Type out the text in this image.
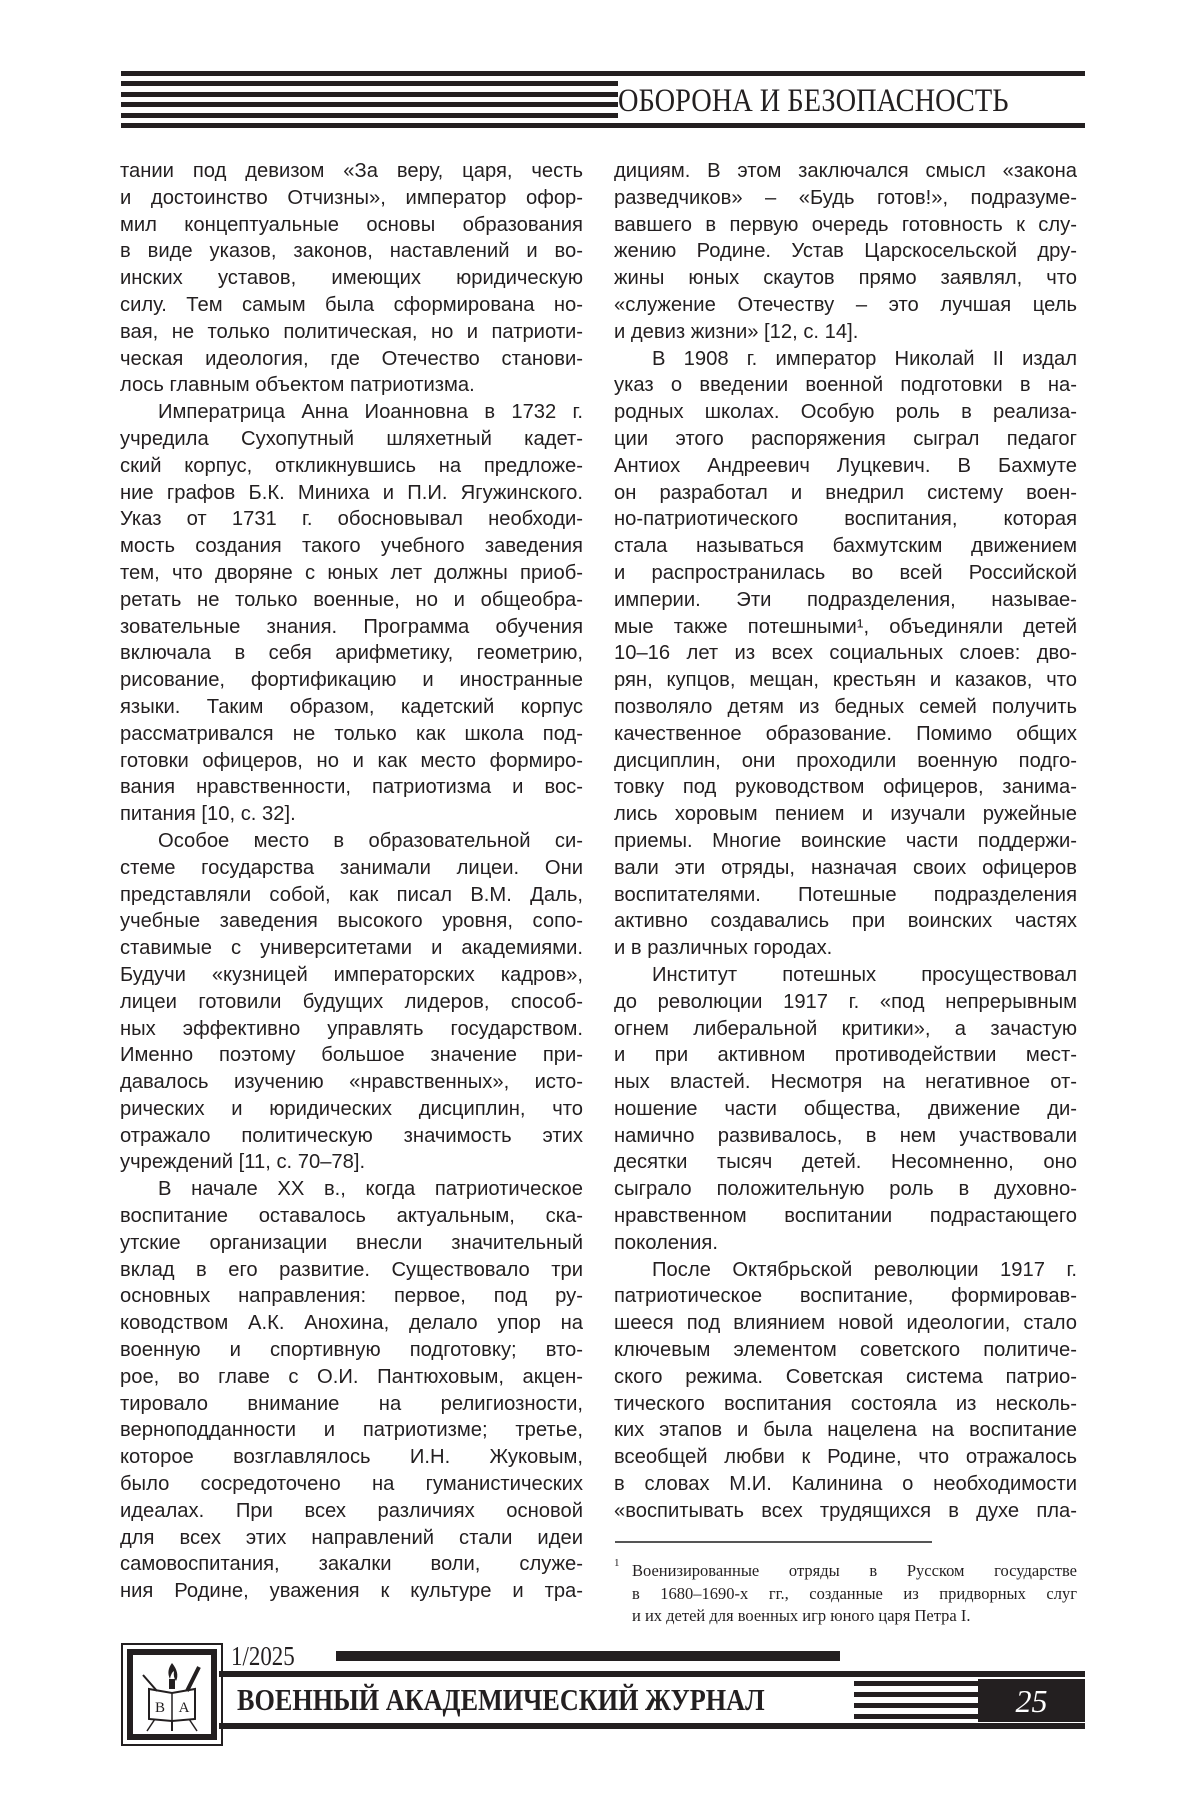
ОБОРОНА И БЕЗОПАСНОСТЬ
тании под девизом «За веру, царя, честь
и достоинство Отчизны», император офор-
мил концептуальные основы образования
в виде указов, законов, наставлений и во-
инских уставов, имеющих юридическую
силу. Тем самым была сформирована но-
вая, не только политическая, но и патриоти-
ческая идеология, где Отечество станови-
лось главным объектом патриотизма.
Императрица Анна Иоанновна в 1732 г.
учредила Сухопутный шляхетный кадет-
ский корпус, откликнувшись на предложе-
ние графов Б.К. Миниха и П.И. Ягужинского.
Указ от 1731 г. обосновывал необходи-
мость создания такого учебного заведения
тем, что дворяне с юных лет должны приоб-
ретать не только военные, но и общеобра-
зовательные знания. Программа обучения
включала в себя арифметику, геометрию,
рисование, фортификацию и иностранные
языки. Таким образом, кадетский корпус
рассматривался не только как школа под-
готовки офицеров, но и как место формиро-
вания нравственности, патриотизма и вос-
питания [10, с. 32].
Особое место в образовательной си-
стеме государства занимали лицеи. Они
представляли собой, как писал В.М. Даль,
учебные заведения высокого уровня, сопо-
ставимые с университетами и академиями.
Будучи «кузницей императорских кадров»,
лицеи готовили будущих лидеров, способ-
ных эффективно управлять государством.
Именно поэтому большое значение при-
давалось изучению «нравственных», исто-
рических и юридических дисциплин, что
отражало политическую значимость этих
учреждений [11, с. 70–78].
В начале XX в., когда патриотическое
воспитание оставалось актуальным, ска-
утские организации внесли значительный
вклад в его развитие. Существовало три
основных направления: первое, под ру-
ководством А.К. Анохина, делало упор на
военную и спортивную подготовку; вто-
рое, во главе с О.И. Пантюховым, акцен-
тировало внимание на религиозности,
верноподданности и патриотизме; третье,
которое возглавлялось И.Н. Жуковым,
было сосредоточено на гуманистических
идеалах. При всех различиях основой
для всех этих направлений стали идеи
самовоспитания, закалки воли, служе-
ния Родине, уважения к культуре и тра-
дициям. В этом заключался смысл «закона
разведчиков» – «Будь готов!», подразуме-
вавшего в первую очередь готовность к слу-
жению Родине. Устав Царскосельской дру-
жины юных скаутов прямо заявлял, что
«служение Отечеству – это лучшая цель
и девиз жизни» [12, с. 14].
В 1908 г. император Николай II издал
указ о введении военной подготовки в на-
родных школах. Особую роль в реализа-
ции этого распоряжения сыграл педагог
Антиох Андреевич Луцкевич. В Бахмуте
он разработал и внедрил систему воен-
но-патриотического воспитания, которая
стала называться бахмутским движением
и распространилась во всей Российской
империи. Эти подразделения, называе-
мые также потешными¹, объединяли детей
10–16 лет из всех социальных слоев: дво-
рян, купцов, мещан, крестьян и казаков, что
позволяло детям из бедных семей получить
качественное образование. Помимо общих
дисциплин, они проходили военную подго-
товку под руководством офицеров, занима-
лись хоровым пением и изучали ружейные
приемы. Многие воинские части поддержи-
вали эти отряды, назначая своих офицеров
воспитателями. Потешные подразделения
активно создавались при воинских частях
и в различных городах.
Институт потешных просуществовал
до революции 1917 г. «под непрерывным
огнем либеральной критики», а зачастую
и при активном противодействии мест-
ных властей. Несмотря на негативное от-
ношение части общества, движение ди-
намично развивалось, в нем участвовали
десятки тысяч детей. Несомненно, оно
сыграло положительную роль в духовно-
нравственном воспитании подрастающего
поколения.
После Октябрьской революции 1917 г.
патриотическое воспитание, формировав-
шееся под влиянием новой идеологии, стало
ключевым элементом советского политиче-
ского режима. Советская система патрио-
тического воспитания состояла из несколь-
ких этапов и была нацелена на воспитание
всеобщей любви к Родине, что отражалось
в словах М.И. Калинина о необходимости
«воспитывать всех трудящихся в духе пла-
1 Военизированные отряды в Русском государстве
в 1680–1690-х гг., созданные из придворных слуг
и их детей для военных игр юного царя Петра I.
В А
1/2025
ВОЕННЫЙ АКАДЕМИЧЕСКИЙ ЖУРНАЛ	25
